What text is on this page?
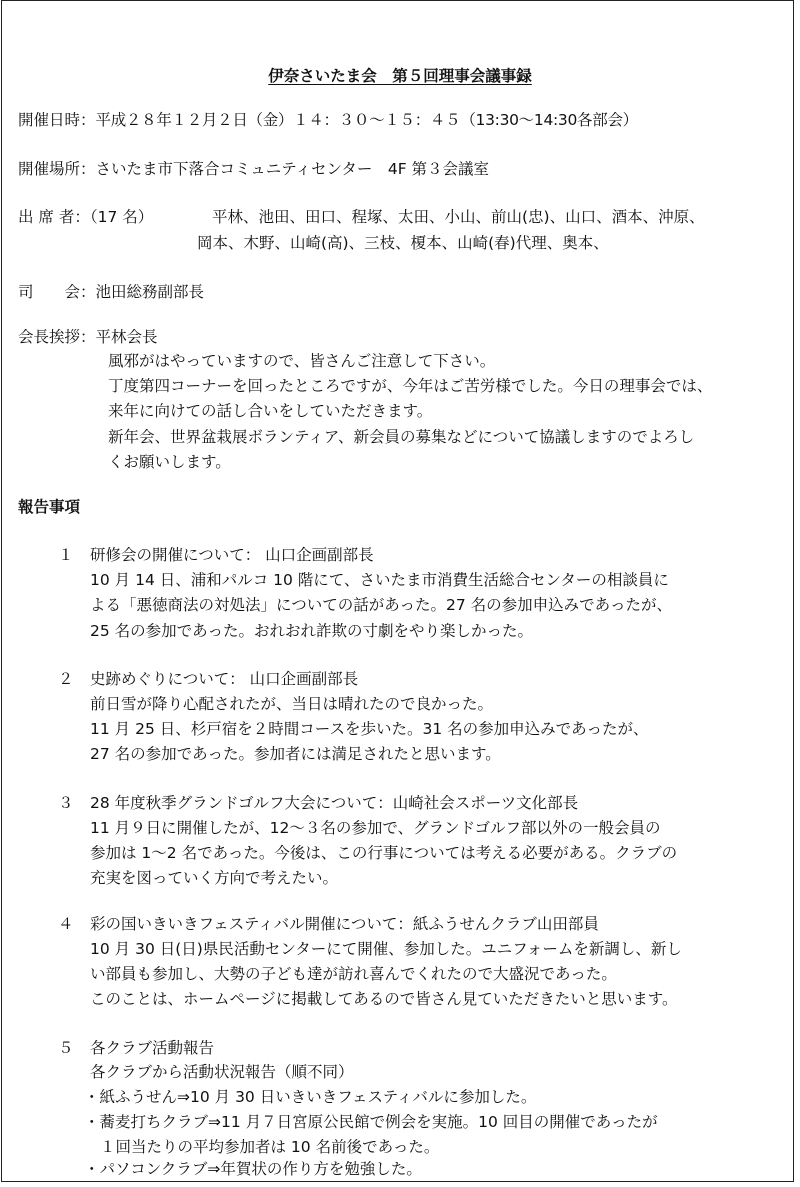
伊奈さいたま会　第５回理事会議事録
開催日時：平成２８年１２月２日（金）１４：３０～１５：４５（13:30～14:30各部会）
開催場所：さいたま市下落合コミュニティセンター　4F 第３会議室
出 席 者：（17 名）	平林、池田、田口、程塚、太田、小山、前山(忠)、山口、酒本、沖原、
岡本、木野、山崎(高)、三枝、榎本、山崎(春)代理、奥本、
司　　会：池田総務副部長
会長挨拶：平林会長
風邪がはやっていますので、皆さんご注意して下さい。
丁度第四コーナーを回ったところですが、今年はご苦労様でした。今日の理事会では、
来年に向けての話し合いをしていただきます。
新年会、世界盆栽展ボランティア、新会員の募集などについて協議しますのでよろし
くお願いします。
報告事項
１ 研修会の開催について： 山口企画副部長
10 月 14 日、浦和パルコ 10 階にて、さいたま市消費生活総合センターの相談員に
よる「悪徳商法の対処法」についての話があった。27 名の参加申込みであったが、
25 名の参加であった。おれおれ詐欺の寸劇をやり楽しかった。
２ 史跡めぐりについて： 山口企画副部長
前日雪が降り心配されたが、当日は晴れたので良かった。
11 月 25 日、杉戸宿を２時間コースを歩いた。31 名の参加申込みであったが、
27 名の参加であった。参加者には満足されたと思います。
３ 28 年度秋季グランドゴルフ大会について：山崎社会スポーツ文化部長
11 月９日に開催したが、12～３名の参加で、グランドゴルフ部以外の一般会員の
参加は 1～2 名であった。今後は、この行事については考える必要がある。クラブの
充実を図っていく方向で考えたい。
４ 彩の国いきいきフェスティバル開催について：紙ふうせんクラブ山田部員
10 月 30 日(日)県民活動センターにて開催、参加した。ユニフォームを新調し、新し
い部員も参加し、大勢の子ども達が訪れ喜んでくれたので大盛況であった。
このことは、ホームページに掲載してあるので皆さん見ていただきたいと思います。
５ 各クラブ活動報告
各クラブから活動状況報告（順不同）
・紙ふうせん⇒10 月 30 日いきいきフェスティバルに参加した。
・蕎麦打ちクラブ⇒11 月７日宮原公民館で例会を実施。10 回目の開催であったが
１回当たりの平均参加者は 10 名前後であった。
・パソコンクラブ⇒年賀状の作り方を勉強した。
